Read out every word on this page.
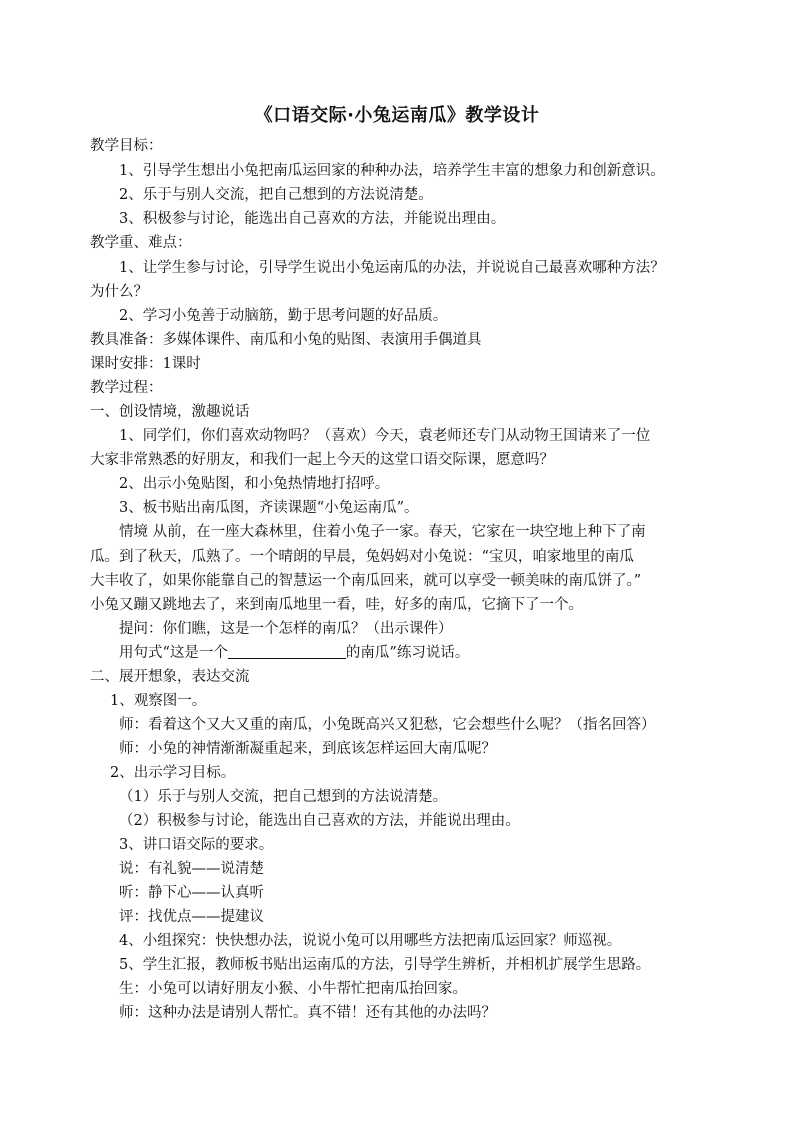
《口语交际·小兔运南瓜》教学设计
教学目标：
1、引导学生想出小兔把南瓜运回家的种种办法，培养学生丰富的想象力和创新意识。
2、乐于与别人交流，把自己想到的方法说清楚。
3、积极参与讨论，能选出自己喜欢的方法，并能说出理由。
教学重、难点：
1、让学生参与讨论，引导学生说出小兔运南瓜的办法，并说说自己最喜欢哪种方法？
为什么？
2、学习小兔善于动脑筋，勤于思考问题的好品质。
教具准备：多媒体课件、南瓜和小兔的贴图、表演用手偶道具
课时安排：1课时
教学过程：
一、创设情境，激趣说话
1、同学们，你们喜欢动物吗？（喜欢）今天，袁老师还专门从动物王国请来了一位
大家非常熟悉的好朋友，和我们一起上今天的这堂口语交际课，愿意吗？
2、出示小兔贴图，和小兔热情地打招呼。
3、板书贴出南瓜图，齐读课题“小兔运南瓜”。
情境 从前，在一座大森林里，住着小兔子一家。春天，它家在一块空地上种下了南
瓜。到了秋天，瓜熟了。一个晴朗的早晨，兔妈妈对小兔说：“宝贝，咱家地里的南瓜
大丰收了，如果你能靠自己的智慧运一个南瓜回来，就可以享受一顿美味的南瓜饼了。”
小兔又蹦又跳地去了，来到南瓜地里一看，哇，好多的南瓜，它摘下了一个。
提问：你们瞧，这是一个怎样的南瓜？（出示课件）
用句式“这是一个	的南瓜”练习说话。
二、展开想象，表达交流
1、观察图一。
师：看着这个又大又重的南瓜，小兔既高兴又犯愁，它会想些什么呢？（指名回答）
师：小兔的神情渐渐凝重起来，到底该怎样运回大南瓜呢？
2、出示学习目标。
（1）乐于与别人交流，把自己想到的方法说清楚。
（2）积极参与讨论，能选出自己喜欢的方法，并能说出理由。
3、讲口语交际的要求。
说：有礼貌——说清楚
听：静下心——认真听
评：找优点——提建议
4、小组探究：快快想办法，说说小兔可以用哪些方法把南瓜运回家？师巡视。
5、学生汇报，教师板书贴出运南瓜的方法，引导学生辨析，并相机扩展学生思路。
生：小兔可以请好朋友小猴、小牛帮忙把南瓜抬回家。
师：这种办法是请别人帮忙。真不错！还有其他的办法吗？
